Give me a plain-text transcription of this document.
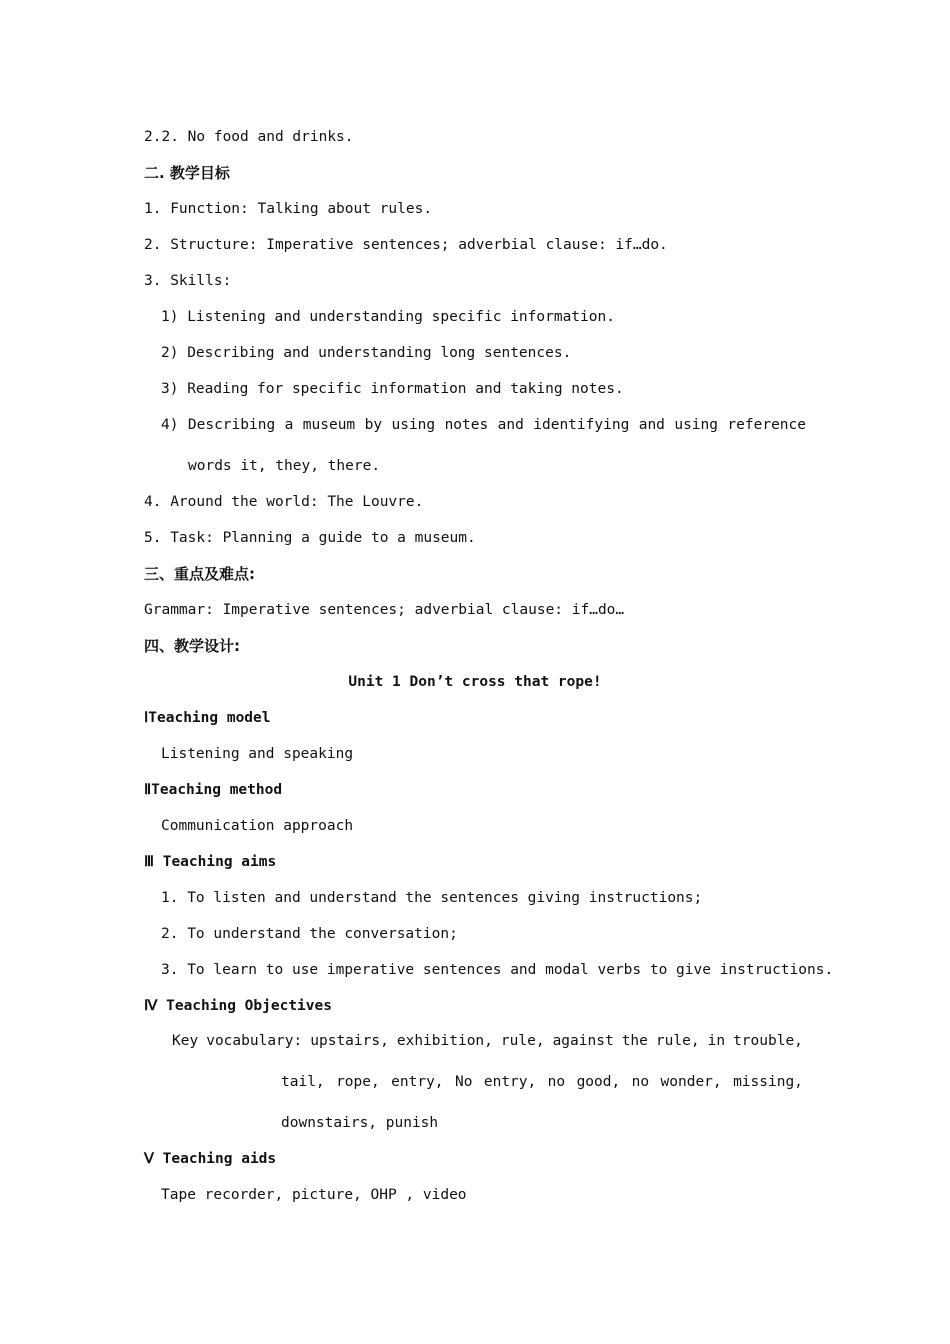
2.2. No food and drinks.
二. 教学目标
1. Function: Talking about rules.
2. Structure: Imperative sentences; adverbial clause: if…do.
3. Skills:
1) Listening and understanding specific information.
2) Describing and understanding long sentences.
3) Reading for specific information and taking notes.
4) Describing a museum by using notes and identifying and using reference
words it, they, there.
4. Around the world: The Louvre.
5. Task: Planning a guide to a museum.
三、重点及难点:
Grammar: Imperative sentences; adverbial clause: if…do…
四、教学设计:
Unit 1 Don’t cross that rope!
ⅠTeaching model
Listening and speaking
ⅡTeaching method
Communication approach
Ⅲ Teaching aims
1. To listen and understand the sentences giving instructions;
2. To understand the conversation;
3. To learn to use imperative sentences and modal verbs to give instructions.
Ⅳ Teaching Objectives
Key vocabulary: upstairs, exhibition, rule, against the rule, in trouble,
tail, rope, entry, No entry, no good, no wonder, missing,
downstairs, punish
Ⅴ Teaching aids
Tape recorder, picture, OHP , video
